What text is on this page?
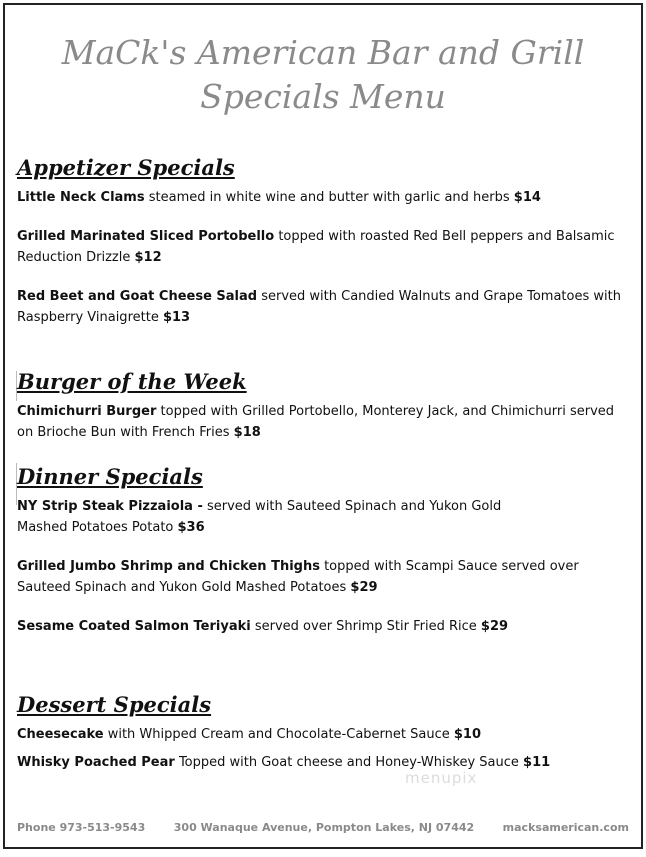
MaCk's American Bar and Grill
Specials Menu
Appetizer Specials

Little Neck Clams steamed in white wine and butter with garlic and herbs $14

Grilled Marinated Sliced Portobello topped with roasted Red Bell peppers and Balsamic Reduction Drizzle $12

Red Beet and Goat Cheese Salad served with Candied Walnuts and Grape Tomatoes with Raspberry Vinaigrette $13

Burger of the Week

Chimichurri Burger topped with Grilled Portobello, Monterey Jack, and Chimichurri served on Brioche Bun with French Fries $18

Dinner Specials

NY Strip Steak Pizzaiola - served with Sauteed Spinach and Yukon Gold Mashed Potatoes Potato $36

Grilled Jumbo Shrimp and Chicken Thighs topped with Scampi Sauce served over Sauteed Spinach and Yukon Gold Mashed Potatoes $29

Sesame Coated Salmon Teriyaki served over Shrimp Stir Fried Rice $29

Dessert Specials

Cheesecake with Whipped Cream and Chocolate-Cabernet Sauce $10

Whisky Poached Pear Topped with Goat cheese and Honey-Whiskey Sauce $11

menupix
Phone 973-513-9543	300 Wanaque Avenue, Pompton Lakes, NJ 07442	macksamerican.com
